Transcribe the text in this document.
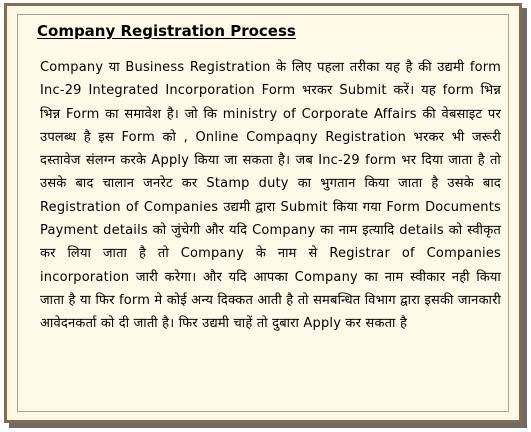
Company Registration Process

Company या Business Registration के लिए पहला तरीका यह है की उद्यमी form Inc-29 Integrated Incorporation Form भरकर Submit करें। यह form भिन्न भिन्न Form का समावेश है। जो कि ministry of Corporate Affairs की वेबसाइट पर उपलब्ध है इस Form को , Online Compaqny Registration भरकर भी जरूरी दस्तावेज संलग्न करके Apply किया जा सकता है। जब Inc-29 form भर दिया जाता है तो उसके बाद चालान जनरेट कर Stamp duty का भुगतान किया जाता है उसके बाद Registration of Companies उद्यमी द्वारा Submit किया गया Form Documents Payment details को जुंचेगी और यदि Company का नाम इत्यादि details को स्वीकृत कर लिया जाता है तो Company के नाम से Registrar of Companies incorporation जारी करेगा। और यदि आपका Company का नाम स्वीकार नही किया जाता है या फिर form मे कोई अन्य दिक्कत आती है तो समबन्धित विभाग द्वारा इसकी जानकारी आवेदनकर्ता को दी जाती है। फिर उद्यमी चाहें तो दुबारा Apply कर सकता है
